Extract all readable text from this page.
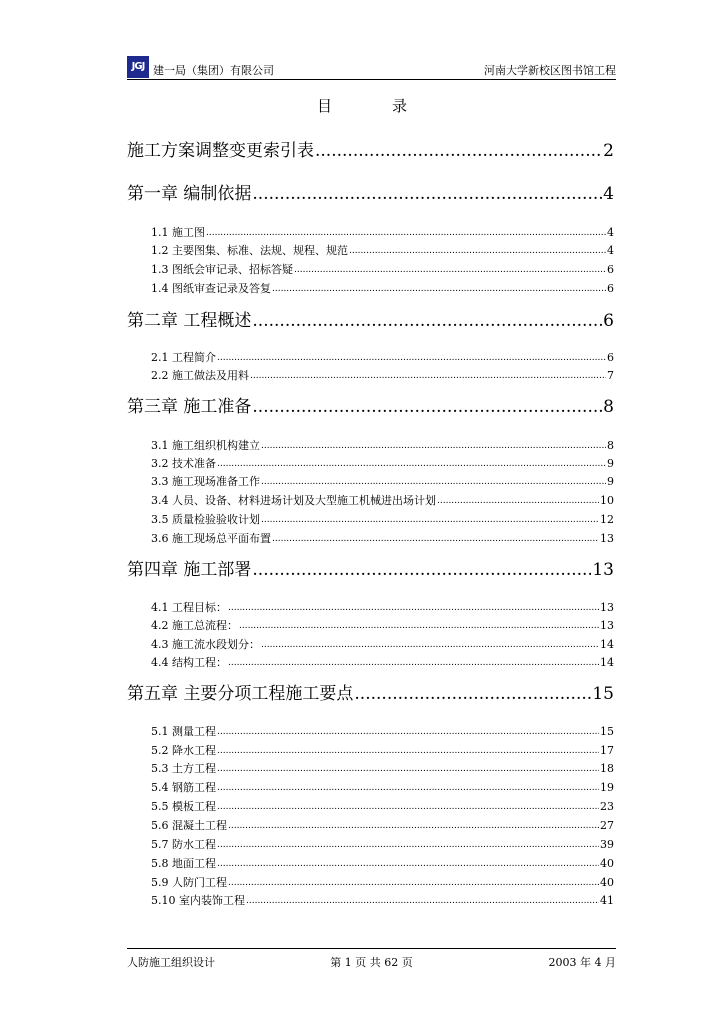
JGJ 建一局（集团）有限公司	河南大学新校区图书馆工程
目录
施工方案调整变更索引表 .....	2
第一章 编制依据 .....	4
1.1 施工图 .....	4
1.2 主要图集、标准、法规、规程、规范 .....	4
1.3 图纸会审记录、招标答疑 .....	6
1.4 图纸审查记录及答复 .....	6
第二章 工程概述 .....	6
2.1 工程简介 .....	6
2.2 施工做法及用料 .....	7
第三章 施工准备 .....	8
3.1 施工组织机构建立 .....	8
3.2 技术准备 .....	9
3.3 施工现场准备工作 .....	9
3.4 人员、设备、材料进场计划及大型施工机械进出场计划 .....	10
3.5 质量检验验收计划 .....	12
3.6 施工现场总平面布置 .....	13
第四章 施工部署 .....	13
4.1 工程目标： .....	13
4.2 施工总流程： .....	13
4.3 施工流水段划分： .....	14
4.4 结构工程： .....	14
第五章 主要分项工程施工要点 .....	15
5.1 测量工程 .....	15
5.2 降水工程 .....	17
5.3 土方工程 .....	18
5.4 钢筋工程 .....	19
5.5 模板工程 .....	23
5.6 混凝土工程 .....	27
5.7 防水工程 .....	39
5.8 地面工程 .....	40
5.9 人防门工程 .....	40
5.10 室内装饰工程 .....	41
人防施工组织设计	第 1 页 共 62 页	2003 年 4 月
